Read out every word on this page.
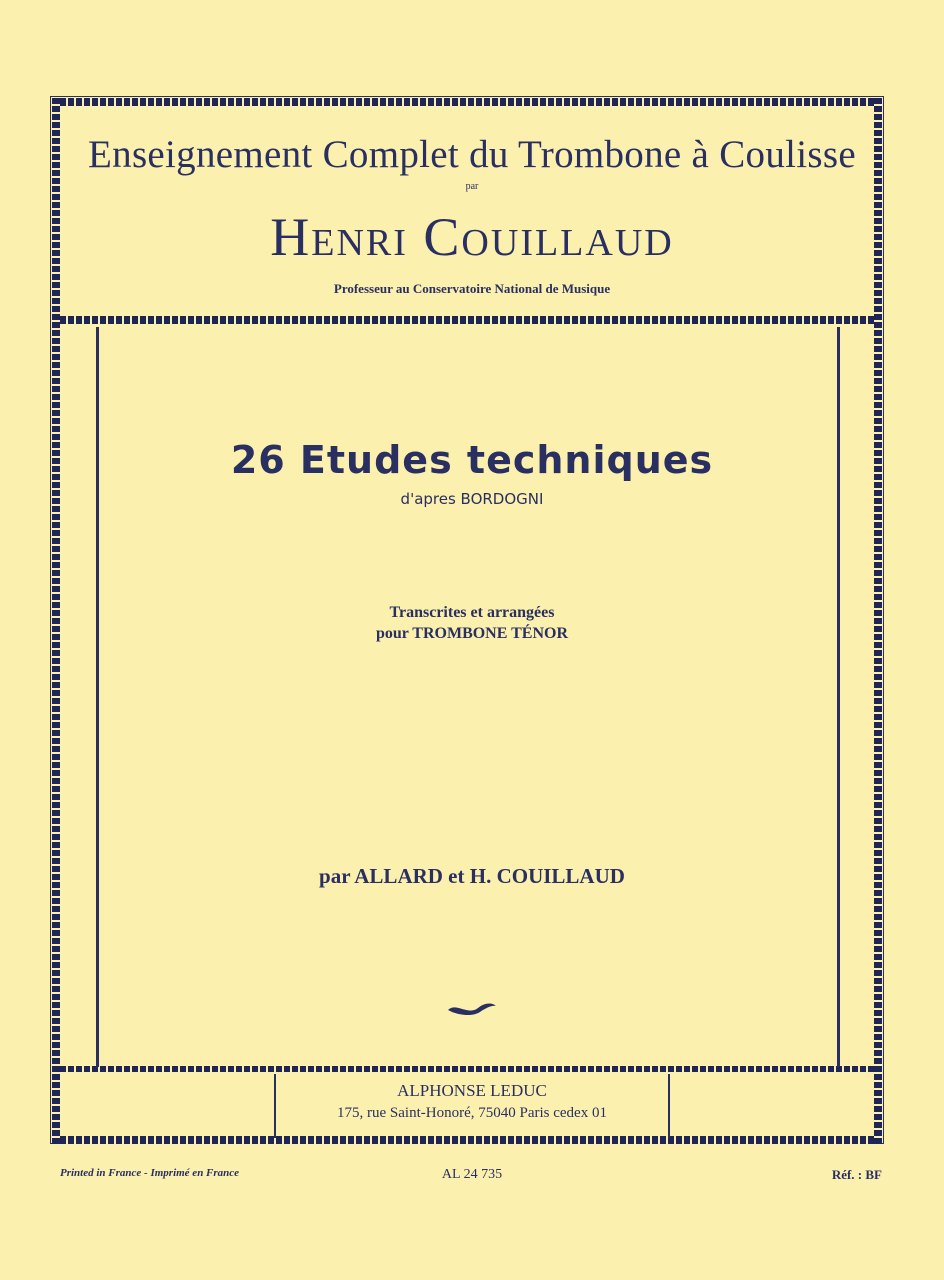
Enseignement Complet du Trombone à Coulisse
par
Henri Couillaud
Professeur au Conservatoire National de Musique
26 Etudes techniques
d'apres BORDOGNI
Transcrites et arrangées
pour TROMBONE TÉNOR
par ALLARD et H. COUILLAUD
ALPHONSE LEDUC
175, rue Saint-Honoré, 75040 Paris cedex 01
Printed in France - Imprimé en France	AL 24 735	Réf. : BF
